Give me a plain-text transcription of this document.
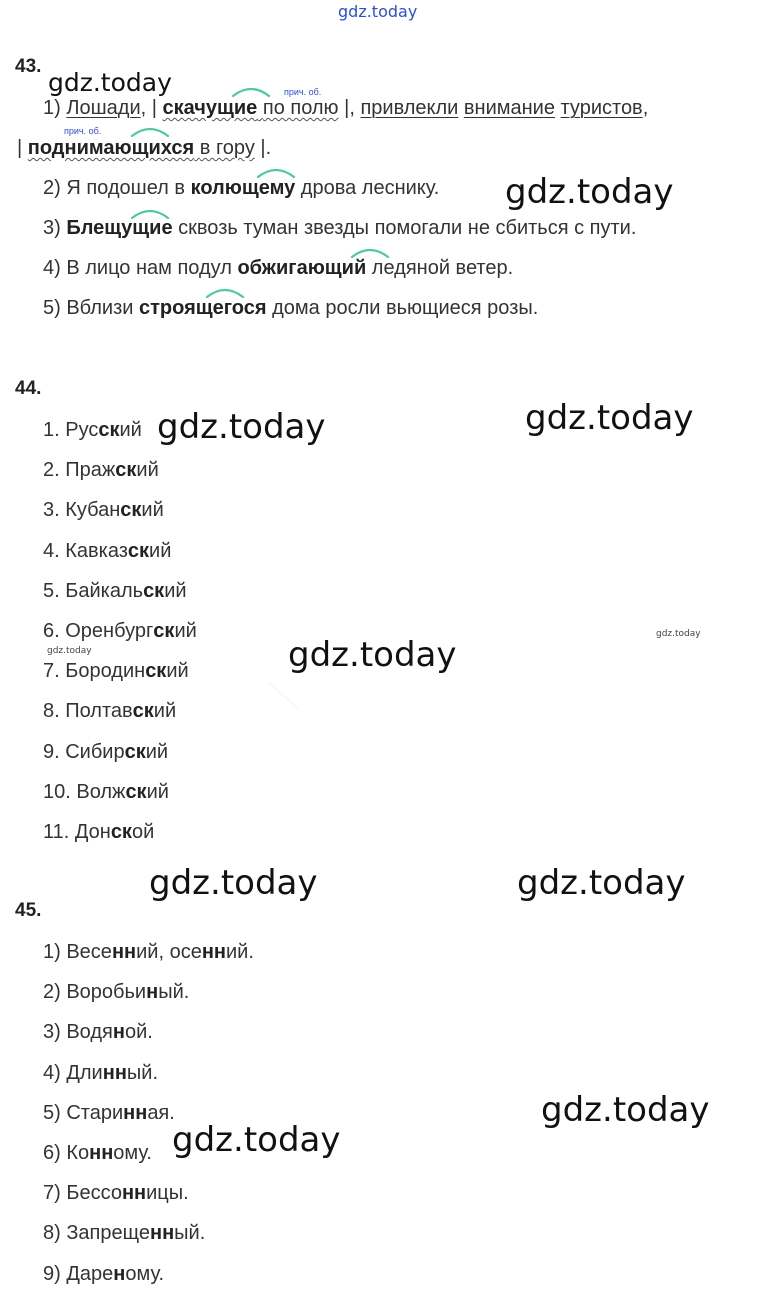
gdz.today
gdz.today
gdz.today
gdz.today	gdz.today
gdz.today
gdz.today	gdz.today
gdz.today	gdz.today
gdz.today
gdz.today
43.
прич. об.
1) Лошади, | скачущие по полю |, привлекли внимание туристов,
прич. об.
| поднимающихся в гору |.
2) Я подошел в колющему дрова леснику.
3) Блещущие сквозь туман звезды помогали не сбиться с пути.
4) В лицо нам подул обжигающий ледяной ветер.
5) Вблизи строящегося дома росли вьющиеся розы.
44.
1. Русский
2. Пражский
3. Кубанский
4. Кавказский
5. Байкальский
6. Оренбургский
7. Бородинский
8. Полтавский
9. Сибирский
10. Волжский
11. Донской
45.
1) Весенний, осенний.
2) Воробьиный.
3) Водяной.
4) Длинный.
5) Старинная.
6) Конному.
7) Бессонницы.
8) Запрещенный.
9) Дареному.
